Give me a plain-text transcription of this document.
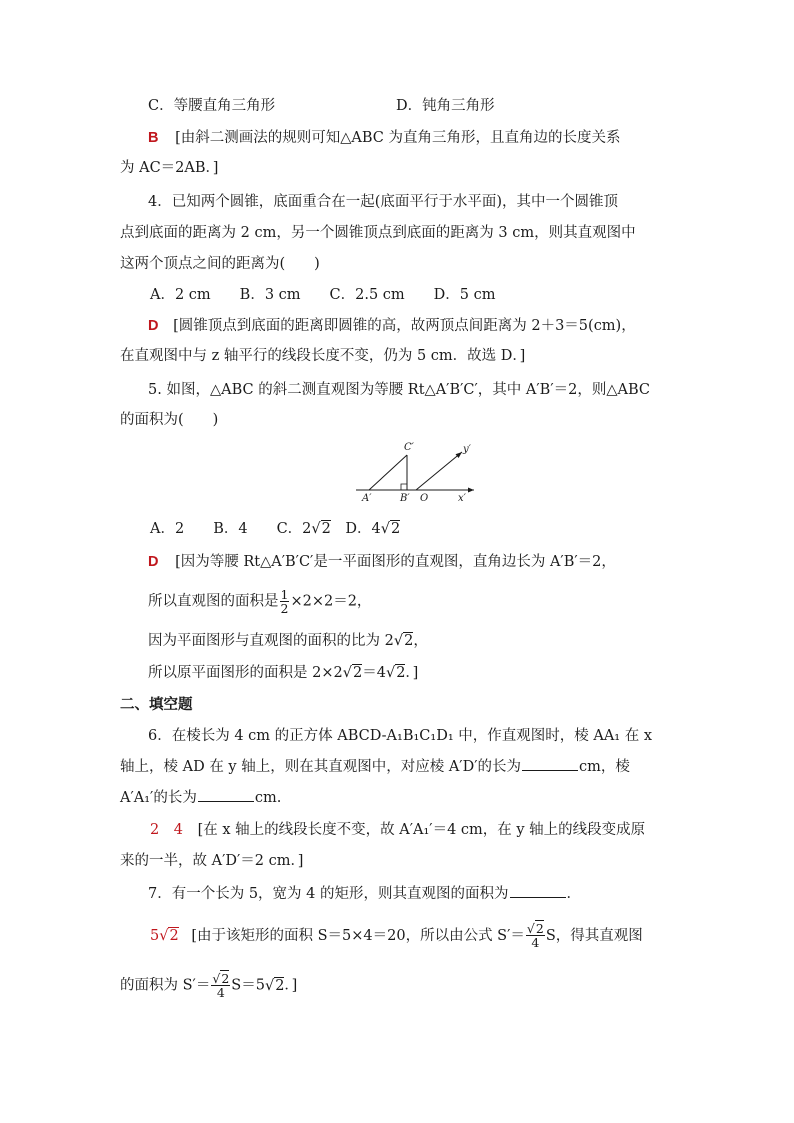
C．等腰直角三角形	D．钝角三角形
B [由斜二测画法的规则可知△ABC 为直角三角形，且直角边的长度关系
为 AC＝2AB．]
4．已知两个圆锥，底面重合在一起(底面平行于水平面)，其中一个圆锥顶
点到底面的距离为 2 cm，另一个圆锥顶点到底面的距离为 3 cm，则其直观图中
这两个顶点之间的距离为(　　)
A．2 cm　　B．3 cm　　C．2.5 cm　　D．5 cm
D [圆锥顶点到底面的距离即圆锥的高，故两顶点间距离为 2＋3＝5(cm)，
在直观图中与 z 轴平行的线段长度不变，仍为 5 cm．故选 D．]
5. 如图，△ABC 的斜二测直观图为等腰 Rt△A′B′C′，其中 A′B′＝2，则△ABC
的面积为(　　)
C′	y′
A′	B′ O	x′
A．2　　B．4　　C．2√2　D．4√2
D [因为等腰 Rt△A′B′C′是一平面图形的直观图，直角边长为 A′B′＝2，
所以直观图的面积是 $\frac{1}{2} \times 2\times 2=2$，
因为平面图形与直观图的面积的比为 2√2，
所以原平面图形的面积是 2×2√2＝4√2．]
二、填空题
6．在棱长为 4 cm 的正方体 ABCD-A₁B₁C₁D₁ 中，作直观图时，棱 AA₁ 在 x
轴上，棱 AD 在 y 轴上，则在其直观图中，对应棱 A′D′的长为	cm，棱
A′A₁′的长为	cm.
2　4 [在 x 轴上的线段长度不变，故 A′A₁′＝4 cm，在 y 轴上的线段变成原
来的一半，故 A′D′＝2 cm．]
7．有一个长为 5，宽为 4 的矩形，则其直观图的面积为	．
5√2 [由于该矩形的面积 S＝5×4＝20，所以由公式 $S'= \frac{√2}{4}$ S，得其直观图
的面积为 $S'= \frac{√2}{4} S=5√2$．]
